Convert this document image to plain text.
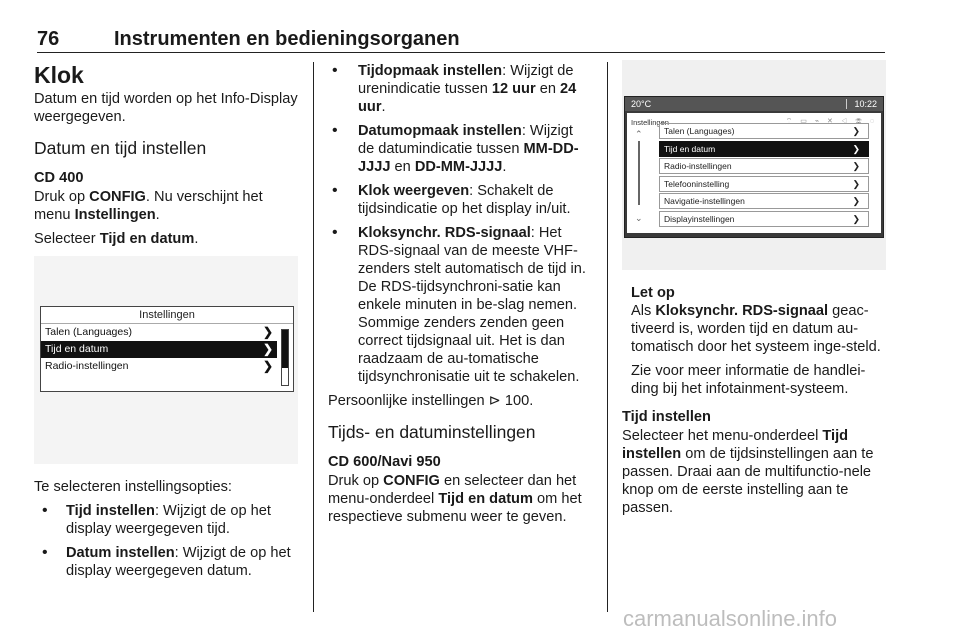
76	Instrumenten en bedieningsorganen
Klok

Datum en tijd worden op het Info-Display weergegeven.

Datum en tijd instellen
CD 400

Druk op CONFIG. Nu verschijnt het menu Instellingen.

Selecteer Tijd en datum.

Instellingen
Talen (Languages)	❯
Tijd en datum	❯
Radio-instellingen	❯

Te selecteren instellingsopties:

• Tijd instellen: Wijzigt de op het display weergegeven tijd.
• Datum instellen: Wijzigt de op het display weergegeven datum.
• Tijdopmaak instellen: Wijzigt de urenindicatie tussen 12 uur en 24 uur.
• Datumopmaak instellen: Wijzigt de datumindicatie tussen MM-DD-JJJJ en DD-MM-JJJJ.
• Klok weergeven: Schakelt de tijdsindicatie op het display in/uit.
• Kloksynchr. RDS-signaal: Het RDS-signaal van de meeste VHF-zenders stelt automatisch de tijd in. De RDS-tijdsynchroni-satie kan enkele minuten in be-slag nemen. Sommige zenders zenden geen correct tijdsignaal uit. Het is dan raadzaam de au-tomatische tijdsynchronisatie uit te schakelen.

Persoonlijke instellingen ⊳ 100.

Tijds- en datuminstellingen
CD 600/Navi 950

Druk op CONFIG en selecteer dan het menu-onderdeel Tijd en datum om het respectieve submenu weer te geven.

20°C	10:22
Instellingen	⌔ ▭ ⌁ ✕ ◁ ☏ ◌
⌃
⌄
Talen (Languages)	❯
Tijd en datum	❯
Radio-instellingen	❯
Telefooninstelling	❯
Navigatie-instellingen	❯
Displayinstellingen	❯

Let op

Als Kloksynchr. RDS-signaal geac-tiveerd is, worden tijd en datum au-tomatisch door het systeem inge-steld.

Zie voor meer informatie de handlei-ding bij het infotainment-systeem.

Tijd instellen

Selecteer het menu-onderdeel Tijd instellen om de tijdsinstellingen aan te passen. Draai aan de multifunctio-nele knop om de eerste instelling aan te passen.

carmanualsonline.info
